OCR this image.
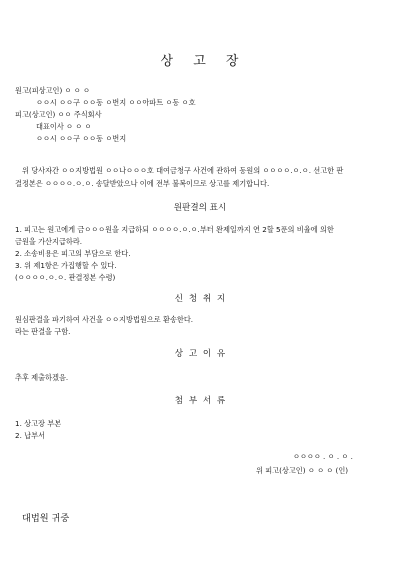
상 고 장
원고(피상고인) ㅇ ㅇ ㅇ
ㅇㅇ시 ㅇㅇ구 ㅇㅇ동 ㅇ번지 ㅇㅇ아파트 ㅇ동 ㅇ호
피고(상고인) ㅇㅇ 주식회사
대표이사 ㅇ ㅇ ㅇ
ㅇㅇ시 ㅇㅇ구 ㅇㅇ동 ㅇ번지
위 당사자간 ㅇㅇ지방법원 ㅇㅇ나ㅇㅇㅇ호 대여금청구 사건에 관하여 동원의 ㅇㅇㅇㅇ.ㅇ.ㅇ. 선고한 판
결정본은 ㅇㅇㅇㅇ.ㅇ.ㅇ. 송달받았으나 이에 전부 불복이므로 상고를 제기합니다.
원판결의 표시
1. 피고는 원고에게 금ㅇㅇㅇ원을 지급하되 ㅇㅇㅇㅇ.ㅇ.ㅇ.부터 완제일까지 연 2할 5푼의 비율에 의한
금원을 가산지급하라.
2. 소송비용은 피고의 부담으로 한다.
3. 위 제1항은 가집행할 수 있다.
(ㅇㅇㅇㅇ.ㅇ.ㅇ. 판결정본 수령)
신 청 취 지
원심판결을 파기하여 사건을 ㅇㅇ지방법원으로 환송한다.
라는 판결을 구함.
상 고 이 유
추후 제출하겠음.
첨 부 서 류
1. 상고장 부본
2. 납부서
ㅇㅇㅇㅇ . ㅇ . ㅇ .
위 피고(상고인) ㅇ ㅇ ㅇ (인)
대법원 귀중
